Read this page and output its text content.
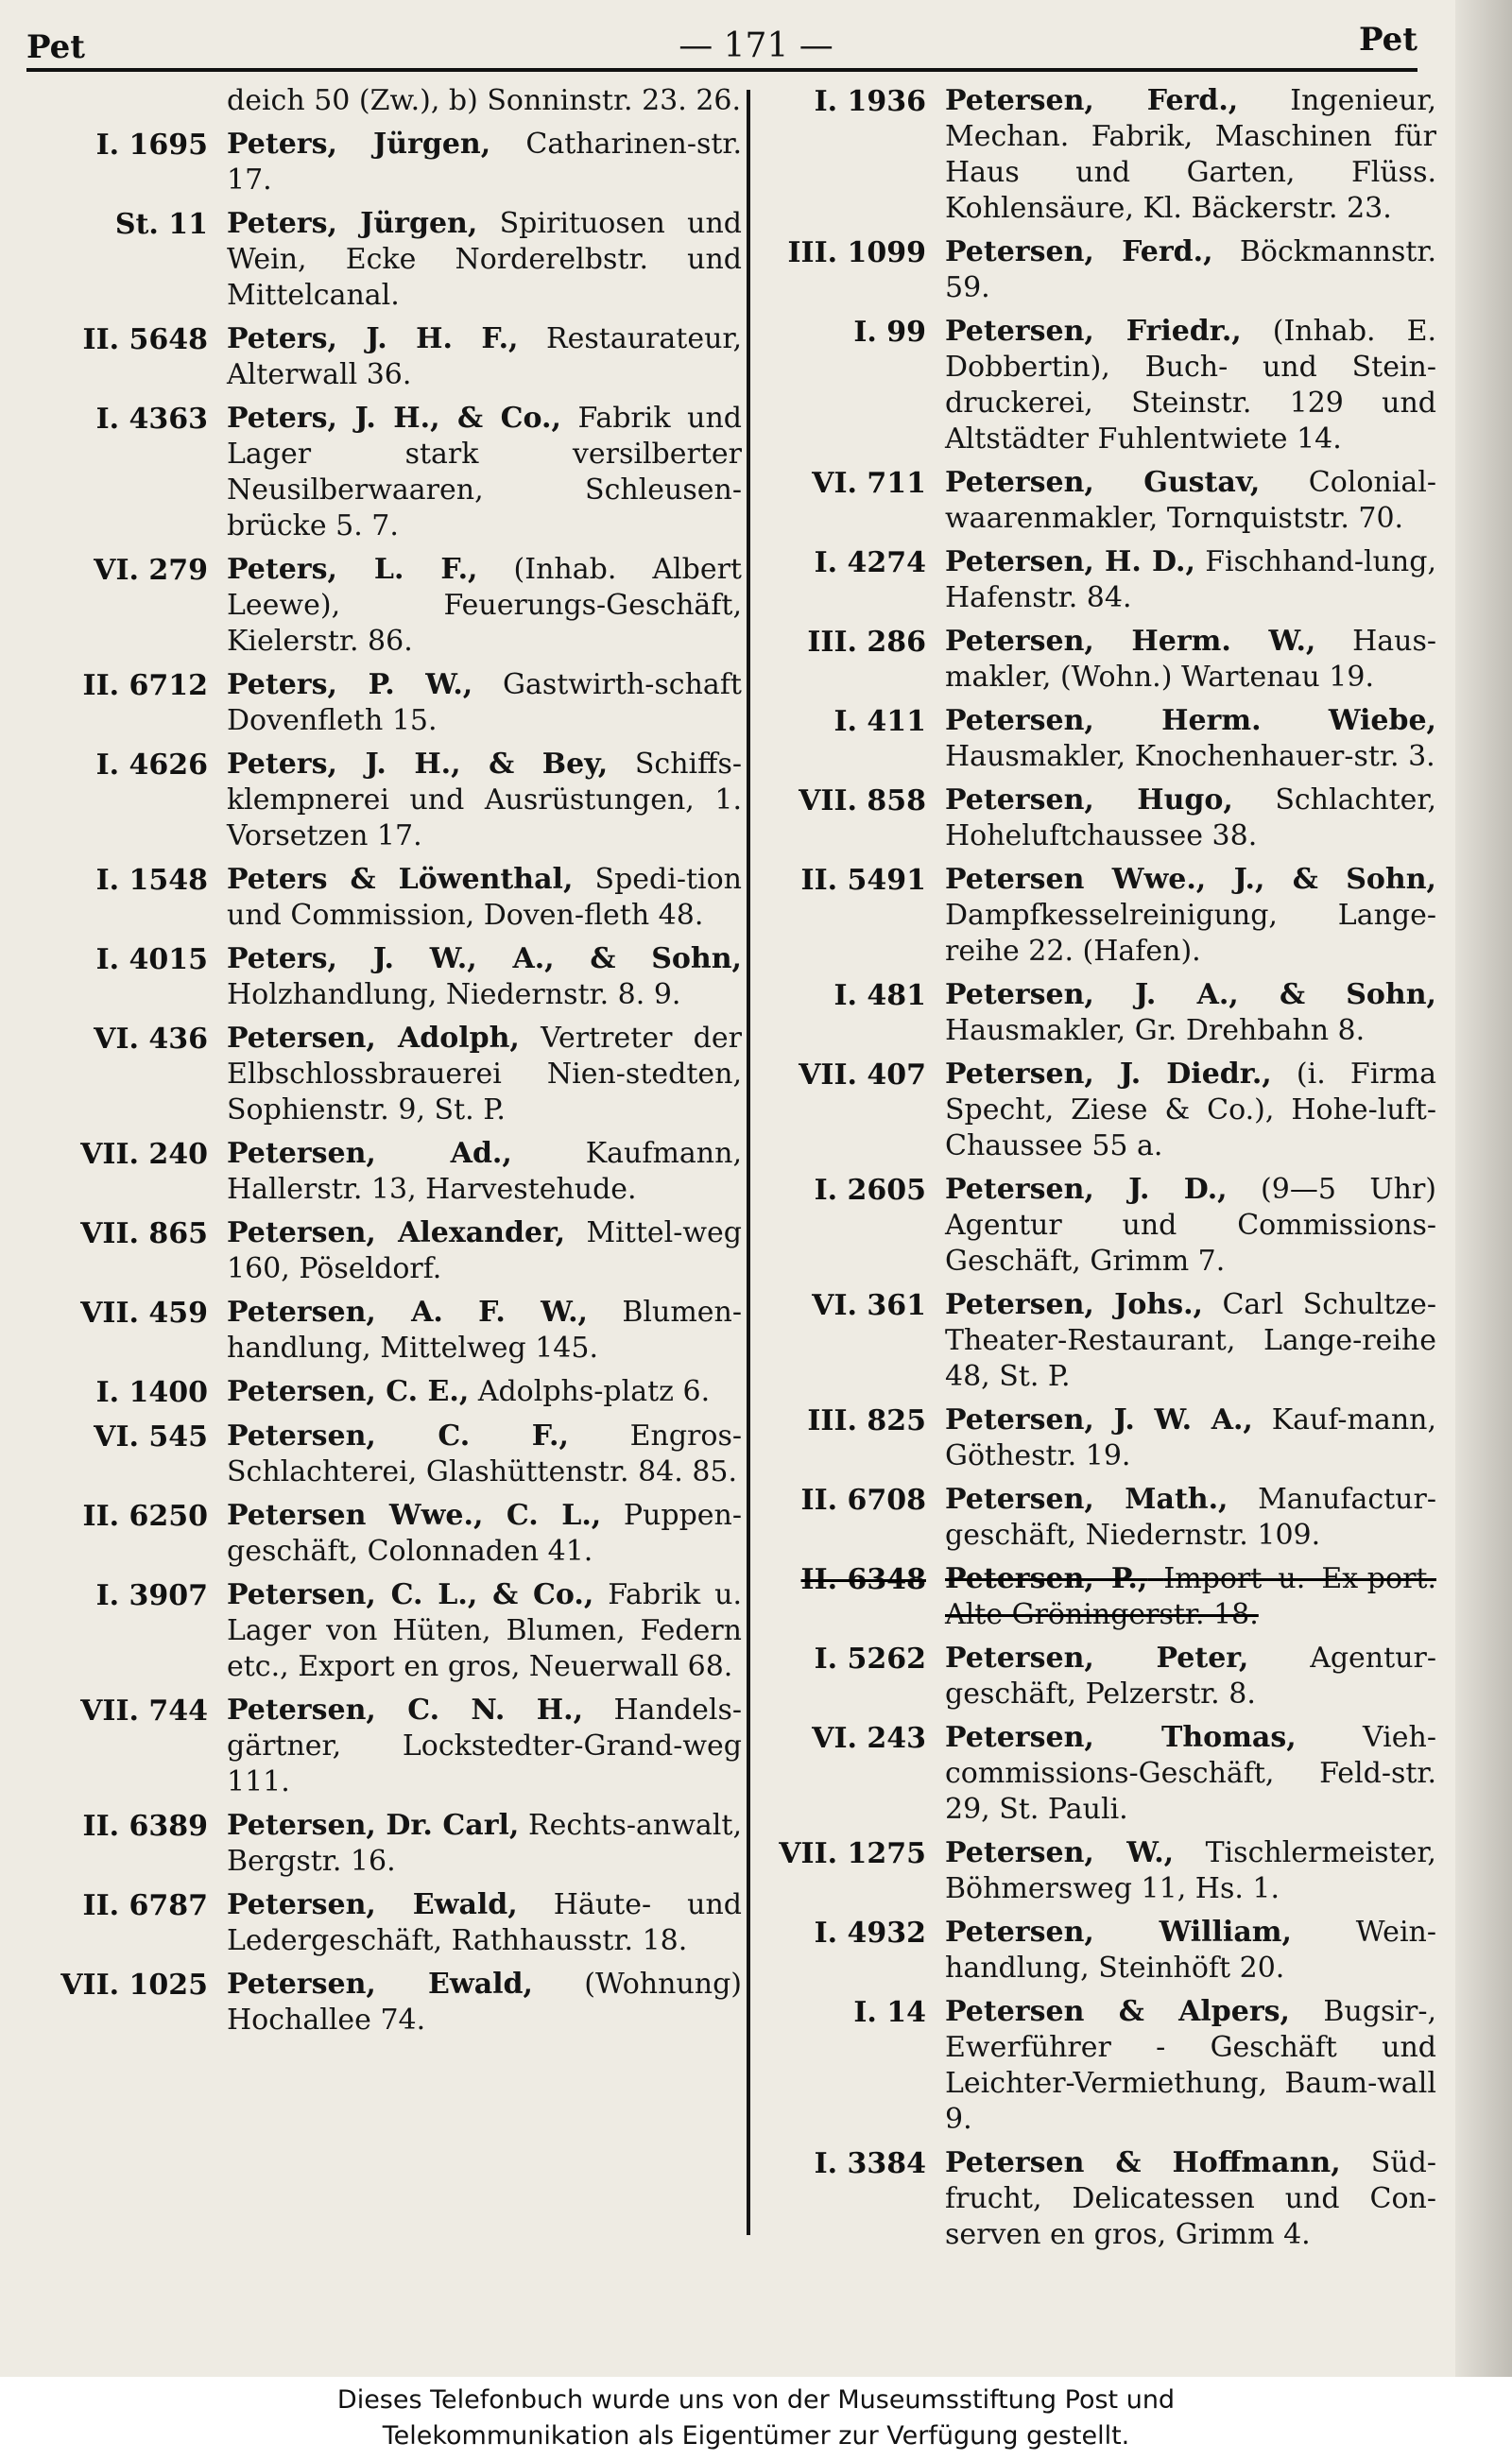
Pet	— 171 —	Pet
deich 50 (Zw.), b) Sonninstr. 23. 26.
I. 1695 Peters, Jürgen, Catharinen-str. 17.
St. 11 Peters, Jürgen, Spirituosen und Wein, Ecke Norderelbstr. und Mittelcanal.
II. 5648 Peters, J. H. F., Restaurateur, Alterwall 36.
I. 4363 Peters, J. H., & Co., Fabrik und Lager stark versilberter Neusilberwaaren, Schleusen-brücke 5. 7.
VI. 279 Peters, L. F., (Inhab. Albert Leewe), Feuerungs-Geschäft, Kielerstr. 86.
II. 6712 Peters, P. W., Gastwirth-schaft Dovenfleth 15.
I. 4626 Peters, J. H., & Bey, Schiffs-klempnerei und Ausrüstungen, 1. Vorsetzen 17.
I. 1548 Peters & Löwenthal, Spedi-tion und Commission, Doven-fleth 48.
I. 4015 Peters, J. W., A., & Sohn, Holzhandlung, Niedernstr. 8. 9.
VI. 436 Petersen, Adolph, Vertreter der Elbschlossbrauerei Nien-stedten, Sophienstr. 9, St. P.
VII. 240 Petersen, Ad.,	Kaufmann, Hallerstr. 13, Harvestehude.
VII. 865 Petersen, Alexander, Mittel-weg 160, Pöseldorf.
VII. 459 Petersen, A. F. W., Blumen-handlung, Mittelweg 145.
I. 1400 Petersen, C. E., Adolphs-platz 6.
VI. 545 Petersen, C. F., Engros-Schlachterei, Glashüttenstr. 84. 85.
II. 6250 Petersen Wwe., C. L., Puppen-geschäft, Colonnaden 41.
I. 3907 Petersen, C. L., & Co., Fabrik u. Lager von Hüten, Blumen, Federn etc., Export en gros, Neuerwall 68.
VII. 744 Petersen, C. N. H., Handels-gärtner, Lockstedter-Grand-weg 111.
II. 6389 Petersen, Dr. Carl, Rechts-anwalt, Bergstr. 16.
II. 6787 Petersen, Ewald, Häute- und Ledergeschäft, Rathhausstr. 18.
VII. 1025 Petersen, Ewald, (Wohnung) Hochallee 74.
I. 1936 Petersen, Ferd., Ingenieur, Mechan. Fabrik, Maschinen für Haus und Garten, Flüss. Kohlensäure, Kl. Bäckerstr. 23.
III. 1099 Petersen, Ferd., Böckmannstr. 59.
I. 99 Petersen, Friedr., (Inhab. E. Dobbertin), Buch- und Stein-druckerei, Steinstr. 129 und Altstädter Fuhlentwiete 14.
VI. 711 Petersen, Gustav, Colonial-waarenmakler, Tornquiststr. 70.
I. 4274 Petersen, H. D., Fischhand-lung, Hafenstr. 84.
III. 286 Petersen, Herm. W., Haus-makler, (Wohn.) Wartenau 19.
I. 411 Petersen, Herm. Wiebe, Hausmakler, Knochenhauer-str. 3.
VII. 858 Petersen, Hugo, Schlachter, Hoheluftchaussee 38.
II. 5491 Petersen Wwe., J., & Sohn, Dampfkesselreinigung, Lange-reihe 22. (Hafen).
I. 481 Petersen, J. A., & Sohn, Hausmakler, Gr. Drehbahn 8.
VII. 407 Petersen, J. Diedr., (i. Firma Specht, Ziese & Co.), Hohe-luft-Chaussee 55 a.
I. 2605 Petersen, J. D., (9—5 Uhr) Agentur und Commissions-Geschäft, Grimm 7.
VI. 361 Petersen, Johs., Carl Schultze-Theater-Restaurant, Lange-reihe 48, St. P.
III. 825 Petersen, J. W. A., Kauf-mann, Göthestr. 19.
II. 6708 Petersen, Math., Manufactur-geschäft, Niedernstr. 109.
II. 6348 Petersen, P., Import u. Ex-port. Alte Gröningerstr. 18.
I. 5262 Petersen, Peter, Agentur-geschäft, Pelzerstr. 8.
VI. 243 Petersen, Thomas, Vieh-commissions-Geschäft, Feld-str. 29, St. Pauli.
VII. 1275 Petersen, W., Tischlermeister, Böhmersweg 11, Hs. 1.
I. 4932 Petersen, William, Wein-handlung, Steinhöft 20.
I. 14 Petersen & Alpers, Bugsir-, Ewerführer - Geschäft und Leichter-Vermiethung, Baum-wall 9.
I. 3384 Petersen & Hoffmann, Süd-frucht, Delicatessen und Con-serven en gros, Grimm 4.
Dieses Telefonbuch wurde uns von der Museumsstiftung Post und
Telekommunikation als Eigentümer zur Verfügung gestellt.
